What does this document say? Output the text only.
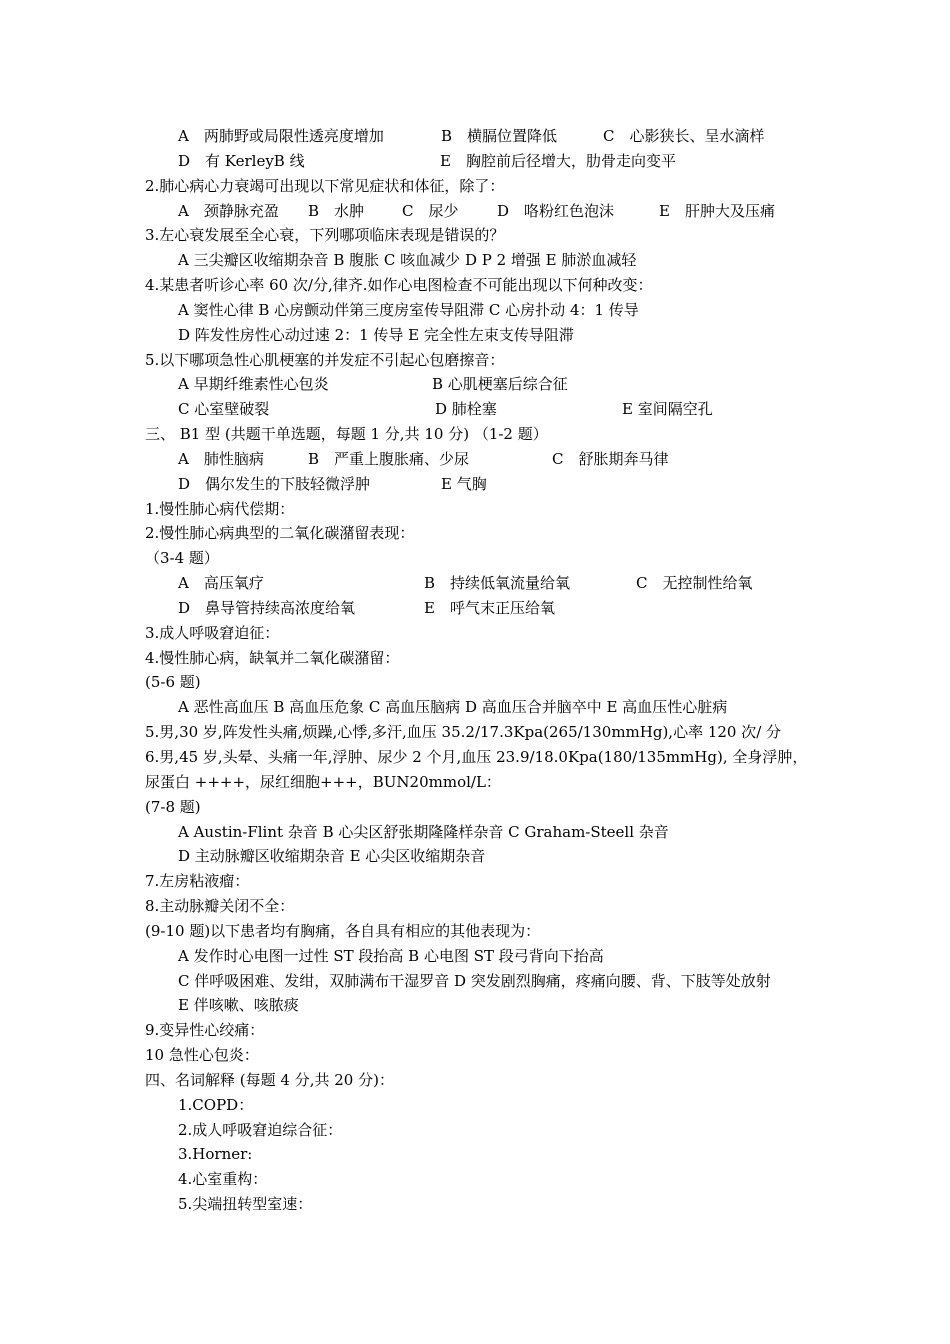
A　两肺野或局限性透亮度增加	B　横膈位置降低	C　心影狭长、呈水滴样
D　有 KerleyB 线	E　胸腔前后径增大，肋骨走向变平
2.肺心病心力衰竭可出现以下常见症状和体征，除了：
A　颈静脉充盈 B　水肿	C　尿少	D　咯粉红色泡沫	E　肝肿大及压痛
3.左心衰发展至全心衰，下列哪项临床表现是错误的？
A 三尖瓣区收缩期杂音 B 腹胀 C 咳血减少 D P 2 增强 E 肺淤血减轻
4.某患者听诊心率 60 次/分,律齐.如作心电图检查不可能出现以下何种改变：
A 窦性心律 B 心房颤动伴第三度房室传导阻滞 C 心房扑动 4：1 传导
D 阵发性房性心动过速 2：1 传导 E 完全性左束支传导阻滞
5.以下哪项急性心肌梗塞的并发症不引起心包磨擦音：
A 早期纤维素性心包炎	B 心肌梗塞后综合征
C 心室壁破裂	D 肺栓塞	E 室间隔空孔
三、 B1 型 (共题干单选题，每题 1 分,共 10 分) （1-2 题）
A　肺性脑病	B　严重上腹胀痛、少尿	C　舒胀期奔马律
D　偶尔发生的下肢轻微浮肿	E 气胸
1.慢性肺心病代偿期：
2.慢性肺心病典型的二氧化碳潴留表现：
（3-4 题）
A　高压氧疗	B　持续低氧流量给氧	C　无控制性给氧
D　鼻导管持续高浓度给氧	E　呼气末正压给氧
3.成人呼吸窘迫征：
4.慢性肺心病，缺氧并二氧化碳潴留：
(5-6 题)
A 恶性高血压 B 高血压危象 C 高血压脑病 D 高血压合并脑卒中 E 高血压性心脏病
5.男,30 岁,阵发性头痛,烦躁,心悸,多汗,血压 35.2/17.3Kpa(265/130mmHg),心率 120 次/ 分
6.男,45 岁,头晕、头痛一年,浮肿、尿少 2 个月,血压 23.9/18.0Kpa(180/135mmHg), 全身浮肿，
尿蛋白 ++++，尿红细胞+++，BUN20mmol/L：
(7-8 题)
A Austin-Flint 杂音 B 心尖区舒张期隆隆样杂音 C Graham-Steell 杂音
D 主动脉瓣区收缩期杂音 E 心尖区收缩期杂音
7.左房粘液瘤：
8.主动脉瓣关闭不全：
(9-10 题)以下患者均有胸痛，各自具有相应的其他表现为：
A 发作时心电图一过性 ST 段抬高 B 心电图 ST 段弓背向下抬高
C 伴呼吸困难、发绀，双肺满布干湿罗音 D 突发剧烈胸痛，疼痛向腰、背、下肢等处放射
E 伴咳嗽、咳脓痰
9.变异性心绞痛：
10 急性心包炎：
四、名词解释 (每题 4 分,共 20 分)：
1.COPD：
2.成人呼吸窘迫综合征：
3.Horner:
4.心室重构：
5.尖端扭转型室速：
